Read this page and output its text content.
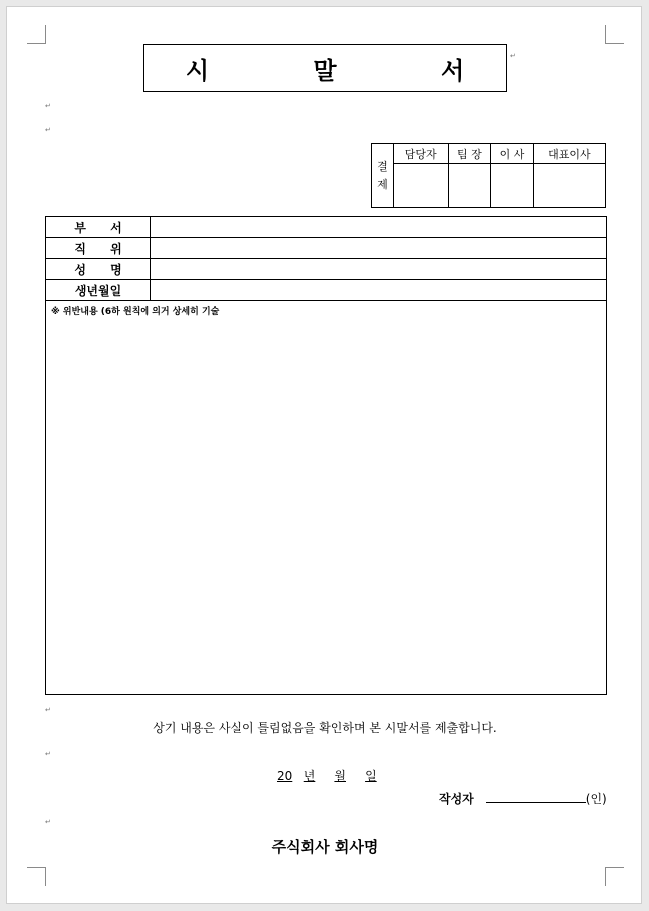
시 말 서
↵
↵
↵
결
제	담당자	팀 장	이 사	대표이사

부 서	
직 위	
성 명	
생년월일	

※ 위반내용 (6하 원칙에 의거 상세히 기술	
↵
상기 내용은 사실이 틀림없음을 확인하며 본 시말서를 제출합니다.
↵
20 년 월 일
작성자	(인)
↵
주식회사 회사명
